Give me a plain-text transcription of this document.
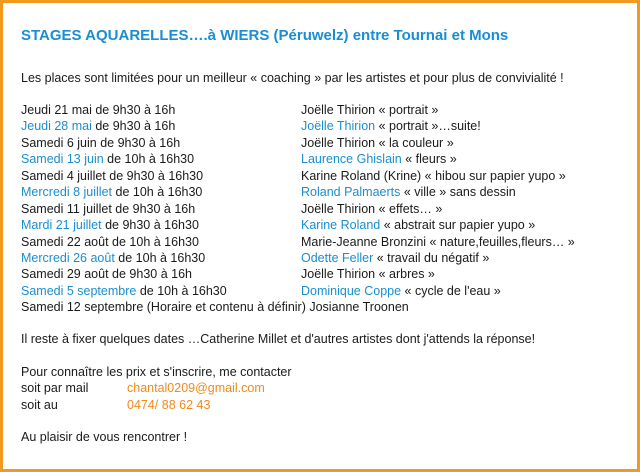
STAGES AQUARELLES….à WIERS (Péruwelz) entre Tournai et Mons
Les places sont limitées pour un meilleur « coaching » par les artistes et pour plus de convivialité !
Jeudi 21 mai de 9h30 à 16h	Joëlle Thirion « portrait »
Jeudi 28 mai de 9h30 à 16h	Joëlle Thirion « portrait »…suite!
Samedi 6 juin de 9h30 à 16h	Joëlle Thirion « la couleur »
Samedi 13 juin de 10h à 16h30	Laurence Ghislain « fleurs »
Samedi 4 juillet de 9h30 à 16h30	Karine Roland (Krine) « hibou sur papier yupo »
Mercredi 8 juillet de 10h à 16h30	Roland Palmaerts « ville » sans dessin
Samedi 11 juillet de 9h30 à 16h	Joëlle Thirion « effets… »
Mardi 21 juillet de 9h30 à 16h30	Karine Roland « abstrait sur papier yupo »
Samedi 22 août de 10h à 16h30	Marie-Jeanne Bronzini « nature,feuilles,fleurs… »
Mercredi 26 août de 10h à 16h30	Odette Feller « travail du négatif »
Samedi 29 août de 9h30 à 16h	Joëlle Thirion « arbres »
Samedi 5 septembre de 10h à 16h30	Dominique Coppe « cycle de l'eau »
Samedi 12 septembre (Horaire et contenu à définir) Josianne Troonen
Il reste à fixer quelques dates …Catherine Millet et d'autres artistes dont j'attends la réponse!
Pour connaître les prix et s'inscrire, me contacter
soit par mail	chantal0209@gmail.com
soit au	0474/ 88 62 43
Au plaisir de vous rencontrer !
